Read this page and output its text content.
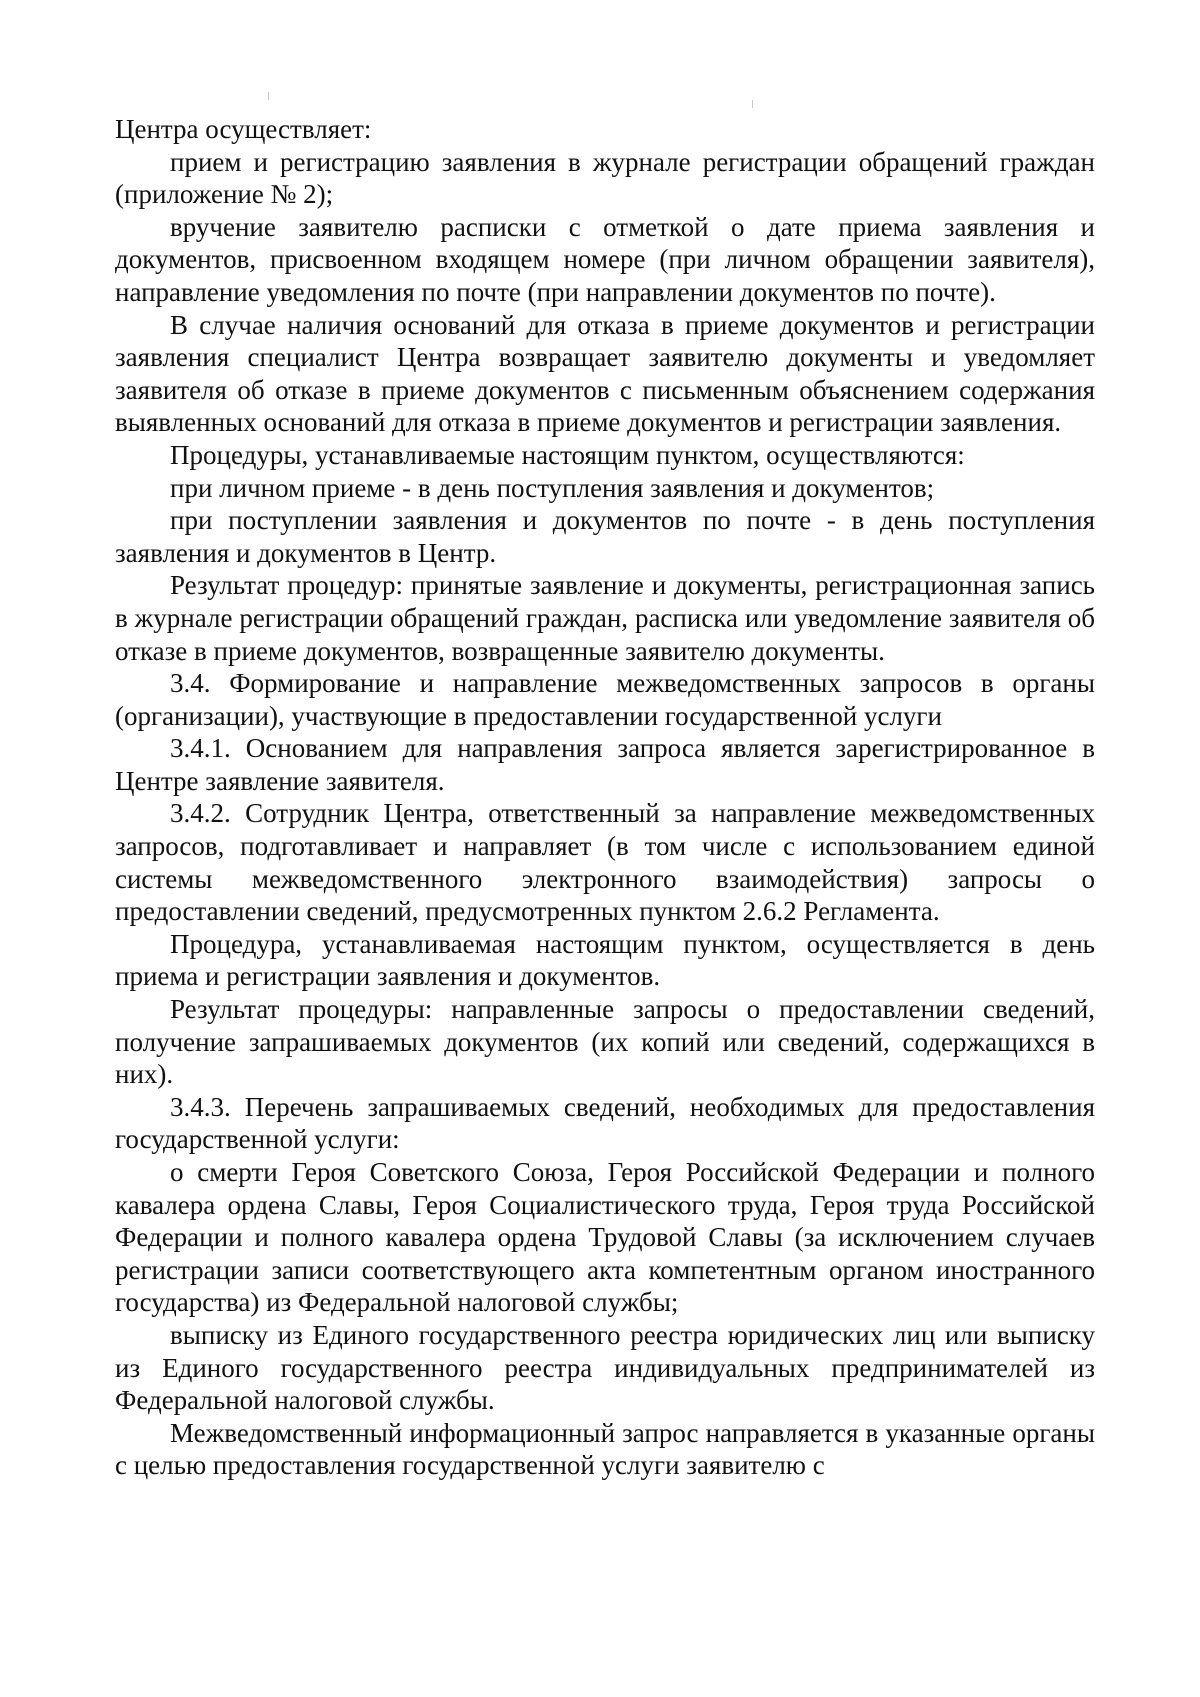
Центра осуществляет:

прием и регистрацию заявления в журнале регистрации обращений граждан (приложение № 2);

вручение заявителю расписки с отметкой о дате приема заявления и документов, присвоенном входящем номере (при личном обращении заявителя), направление уведомления по почте (при направлении документов по почте).

В случае наличия оснований для отказа в приеме документов и регистрации заявления специалист Центра возвращает заявителю документы и уведомляет заявителя об отказе в приеме документов с письменным объяснением содержания выявленных оснований для отказа в приеме документов и регистрации заявления.

Процедуры, устанавливаемые настоящим пунктом, осуществляются:

при личном приеме - в день поступления заявления и документов;

при поступлении заявления и документов по почте - в день поступления заявления и документов в Центр.

Результат процедур: принятые заявление и документы, регистрационная запись в журнале регистрации обращений граждан, расписка или уведомление заявителя об отказе в приеме документов, возвращенные заявителю документы.

3.4. Формирование и направление межведомственных запросов в органы (организации), участвующие в предоставлении государственной услуги

3.4.1. Основанием для направления запроса является зарегистрированное в Центре заявление заявителя.

3.4.2. Сотрудник Центра, ответственный за направление межведомственных запросов, подготавливает и направляет (в том числе с использованием единой системы межведомственного электронного взаимодействия) запросы о предоставлении сведений, предусмотренных пунктом 2.6.2 Регламента.

Процедура, устанавливаемая настоящим пунктом, осуществляется в день приема и регистрации заявления и документов.

Результат процедуры: направленные запросы о предоставлении сведений, получение запрашиваемых документов (их копий или сведений, содержащихся в них).

3.4.3. Перечень запрашиваемых сведений, необходимых для предоставления государственной услуги:

о смерти Героя Советского Союза, Героя Российской Федерации и полного кавалера ордена Славы, Героя Социалистического труда, Героя труда Российской Федерации и полного кавалера ордена Трудовой Славы (за исключением случаев регистрации записи соответствующего акта компетентным органом иностранного государства) из Федеральной налоговой службы;

выписку из Единого государственного реестра юридических лиц или выписку из Единого государственного реестра индивидуальных предпринимателей из Федеральной налоговой службы.

Межведомственный информационный запрос направляется в указанные органы с целью предоставления государственной услуги заявителю с
